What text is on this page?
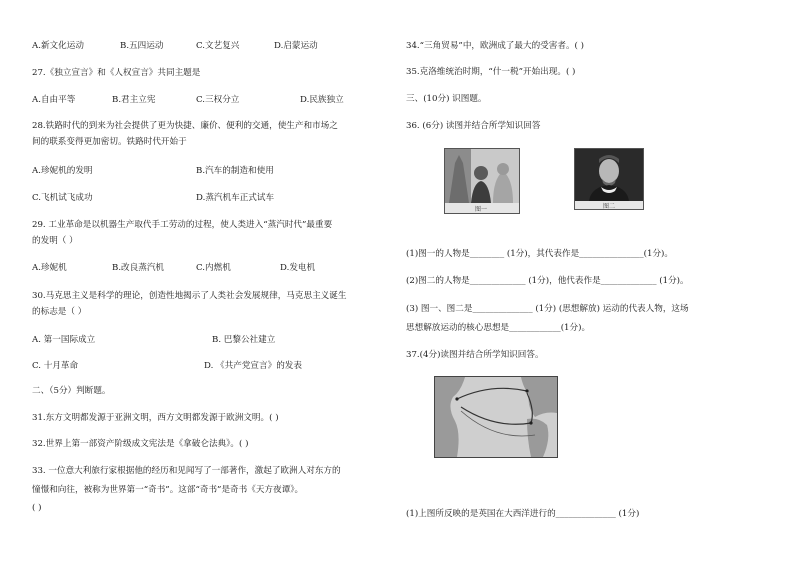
A.新文化运动	B.五四运动	C.文艺复兴	D.启蒙运动
27.《独立宣言》和《人权宣言》共同主题是
A.自由平等	B.君主立宪	C.三权分立	D.民族独立
28.铁路时代的到来为社会提供了更为快捷、廉价、便利的交通，使生产和市场之
间的联系变得更加密切。铁路时代开始于
A.珍妮机的发明	B.汽车的制造和使用
C.飞机试飞成功	D.蒸汽机车正式试车
29. 工业革命是以机器生产取代手工劳动的过程，使人类进入“蒸汽时代”最重要
的发明（ ）
A.珍妮机	B.改良蒸汽机	C.内燃机	D.发电机
30.马克思主义是科学的理论，创造性地揭示了人类社会发展规律，马克思主义诞生
的标志是（ ）
A. 第一国际成立	B. 巴黎公社建立
C. 十月革命	D. 《共产党宣言》的发表
二、（5分）判断题。
31.东方文明都发源于亚洲文明，西方文明都发源于欧洲文明。( )
32.世界上第一部资产阶级成文宪法是《拿破仑法典》。( )
33. 一位意大利旅行家根据他的经历和见闻写了一部著作，激起了欧洲人对东方的
憧憬和向往，被称为世界第一“奇书”。这部“奇书”是奇书《天方夜谭》。
( )
34.“三角贸易”中，欧洲成了最大的受害者。( )
35.克洛维统治时期，“什一税”开始出现。( )
三、(10分) 识图题。
36. (6分) 读图并结合所学知识回答
图一	图二
(1)图一的人物是________ (1分)，其代表作是_______________(1分)。
(2)图二的人物是_____________ (1分)，他代表作是_____________ (1分)。
(3) 图一、图二是______________ (1分) (思想解放) 运动的代表人物，这场
思想解放运动的核心思想是____________(1分)。
37.(4分)读图并结合所学知识回答。
(1)上图所反映的是英国在大西洋进行的______________ (1分)
